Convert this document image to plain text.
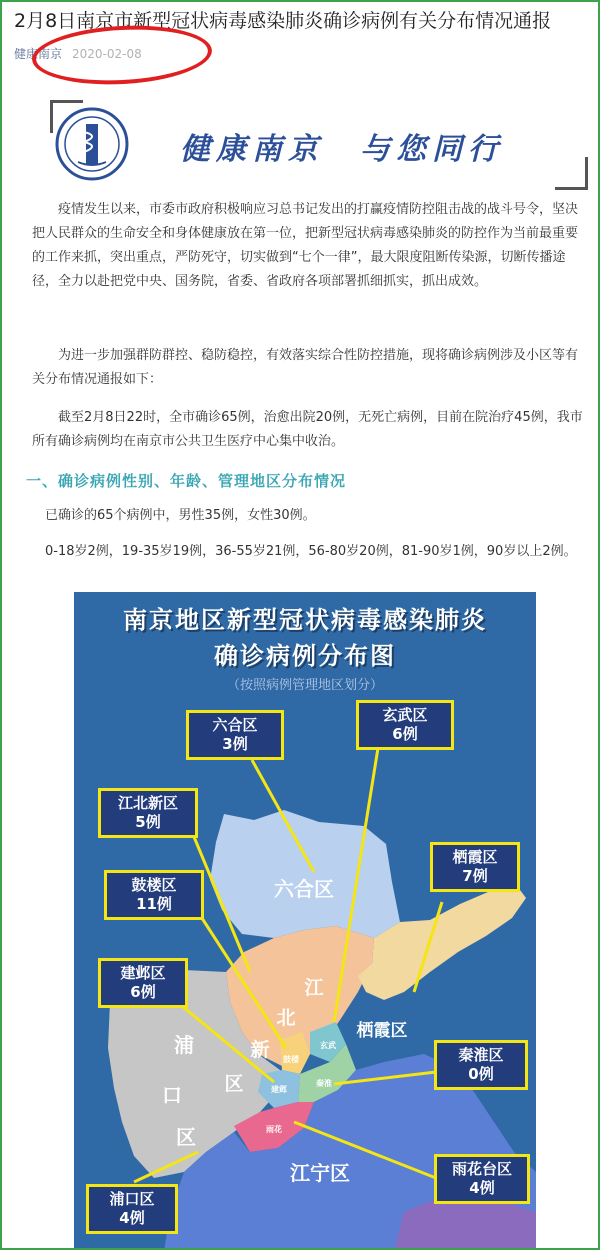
2月8日南京市新型冠状病毒感染肺炎确诊病例有关分布情况通报
健康南京 2020-02-08
健康南京　与您同行
疫情发生以来，市委市政府积极响应习总书记发出的打赢疫情防控阻击战的战斗号令，坚决把人民群众的生命安全和身体健康放在第一位，把新型冠状病毒感染肺炎的防控作为当前最重要的工作来抓，突出重点，严防死守，切实做到“七个一律”，最大限度阻断传染源，切断传播途径，全力以赴把党中央、国务院，省委、省政府各项部署抓细抓实，抓出成效。
为进一步加强群防群控、稳防稳控，有效落实综合性防控措施，现将确诊病例涉及小区等有关分布情况通报如下：
截至2月8日22时，全市确诊65例，治愈出院20例，无死亡病例，目前在院治疗45例，我市所有确诊病例均在南京市公共卫生医疗中心集中收治。
一、确诊病例性别、年龄、管理地区分布情况
已确诊的65个病例中，男性35例，女性30例。
0-18岁2例，19-35岁19例，36-55岁21例，56-80岁20例，81-90岁1例，90岁以上2例。
南京地区新型冠状病毒感染肺炎
确诊病例分布图
（按照病例管理地区划分）
六合区
江
北
新
区
栖霞区
浦
口
区
江宁区
鼓楼
玄武
建邺
秦淮
雨花
六合区
3例
玄武区
6例
江北新区
5例
栖霞区
7例
鼓楼区
11例
建邺区
6例
秦淮区
0例
雨花台区
4例
浦口区
4例
